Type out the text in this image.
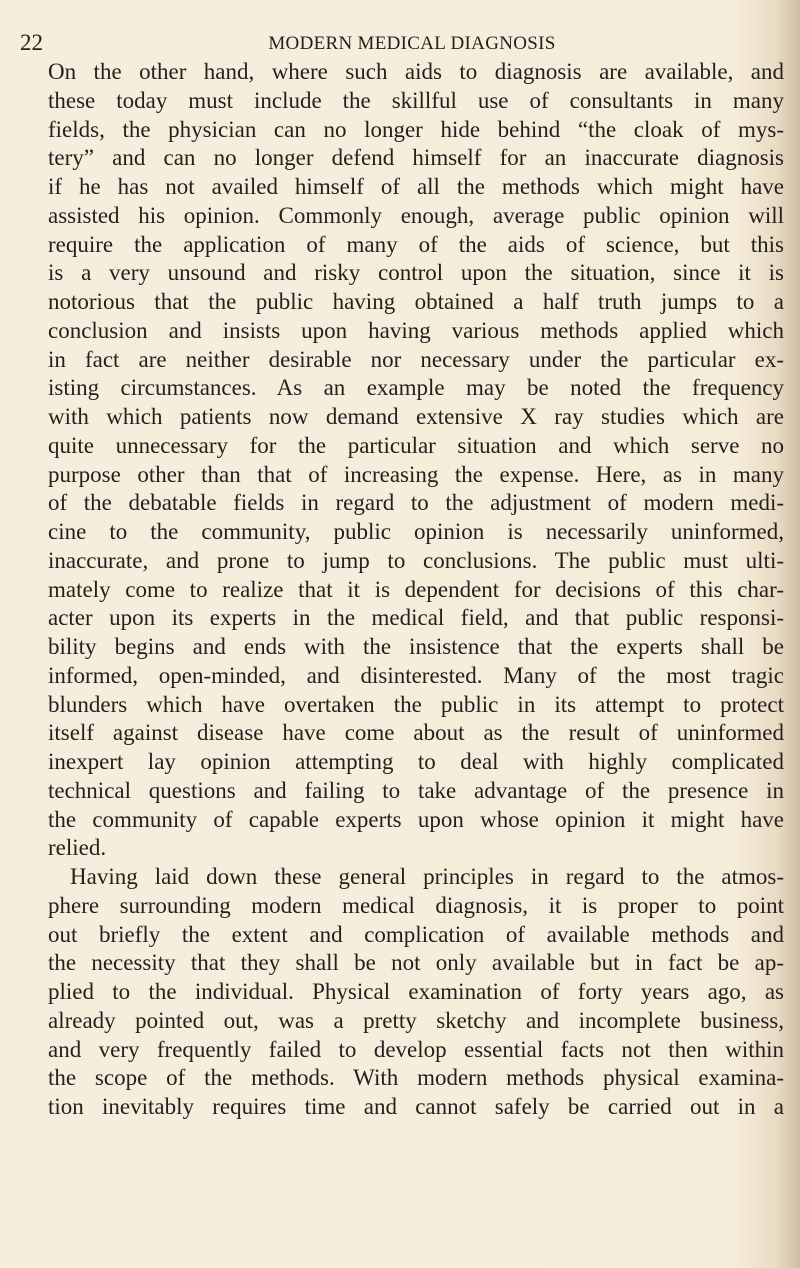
22	MODERN MEDICAL DIAGNOSIS
On the other hand, where such aids to diagnosis are available, and
these today must include the skillful use of consultants in many
fields, the physician can no longer hide behind “the cloak of mys-
tery” and can no longer defend himself for an inaccurate diagnosis
if he has not availed himself of all the methods which might have
assisted his opinion. Commonly enough, average public opinion will
require the application of many of the aids of science, but this
is a very unsound and risky control upon the situation, since it is
notorious that the public having obtained a half truth jumps to a
conclusion and insists upon having various methods applied which
in fact are neither desirable nor necessary under the particular ex-
isting circumstances. As an example may be noted the frequency
with which patients now demand extensive X ray studies which are
quite unnecessary for the particular situation and which serve no
purpose other than that of increasing the expense. Here, as in many
of the debatable fields in regard to the adjustment of modern medi-
cine to the community, public opinion is necessarily uninformed,
inaccurate, and prone to jump to conclusions. The public must ulti-
mately come to realize that it is dependent for decisions of this char-
acter upon its experts in the medical field, and that public responsi-
bility begins and ends with the insistence that the experts shall be
informed, open-minded, and disinterested. Many of the most tragic
blunders which have overtaken the public in its attempt to protect
itself against disease have come about as the result of uninformed
inexpert lay opinion attempting to deal with highly complicated
technical questions and failing to take advantage of the presence in
the community of capable experts upon whose opinion it might have
relied.
Having laid down these general principles in regard to the atmos-
phere surrounding modern medical diagnosis, it is proper to point
out briefly the extent and complication of available methods and
the necessity that they shall be not only available but in fact be ap-
plied to the individual. Physical examination of forty years ago, as
already pointed out, was a pretty sketchy and incomplete business,
and very frequently failed to develop essential facts not then within
the scope of the methods. With modern methods physical examina-
tion inevitably requires time and cannot safely be carried out in a
